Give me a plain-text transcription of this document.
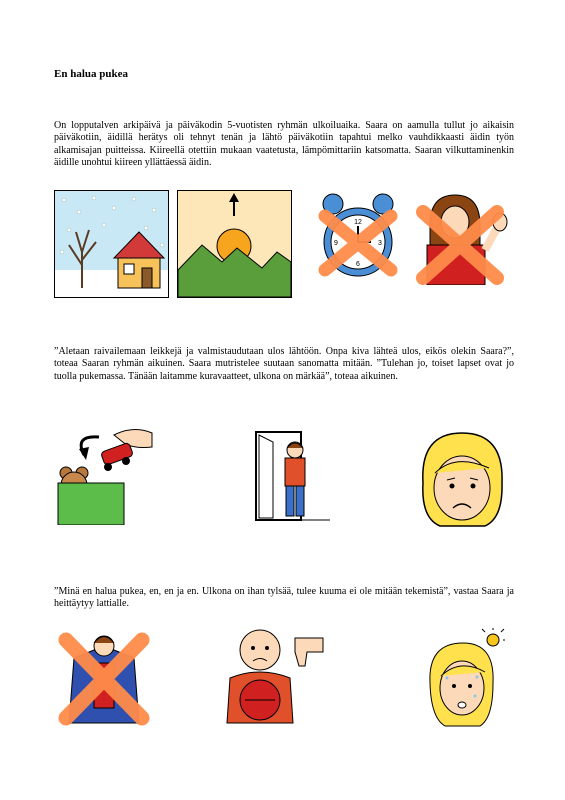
En halua pukea
On lopputalven arkipäivä ja päiväkodin 5-vuotisten ryhmän ulkoiluaika. Saara on aamulla tullut jo aikaisin päiväkotiin, äidillä herätys oli tehnyt tenän ja lähtö päiväkotiin tapahtui melko vauhdikkaasti äidin työn alkamisajan puitteissa. Kiireellä otettiin mukaan vaatetusta, lämpömittariin katsomatta. Saaran vilkuttaminenkin äidille unohtui kiireen yllättäessä äidin.
12
3
6
9
”Aletaan raivailemaan leikkejä ja valmistaudutaan ulos lähtöön. Onpa kiva lähteä ulos, eikös olekin Saara?”, toteaa Saaran ryhmän aikuinen. Saara mutristelee suutaan sanomatta mitään. ”Tulehan jo, toiset lapset ovat jo tuolla pukemassa. Tänään laitamme kuravaatteet, ulkona on märkää”, toteaa aikuinen.
”Minä en halua pukea, en, en ja en. Ulkona on ihan tylsää, tulee kuuma ei ole mitään tekemistä”, vastaa Saara ja heittäytyy lattialle.
